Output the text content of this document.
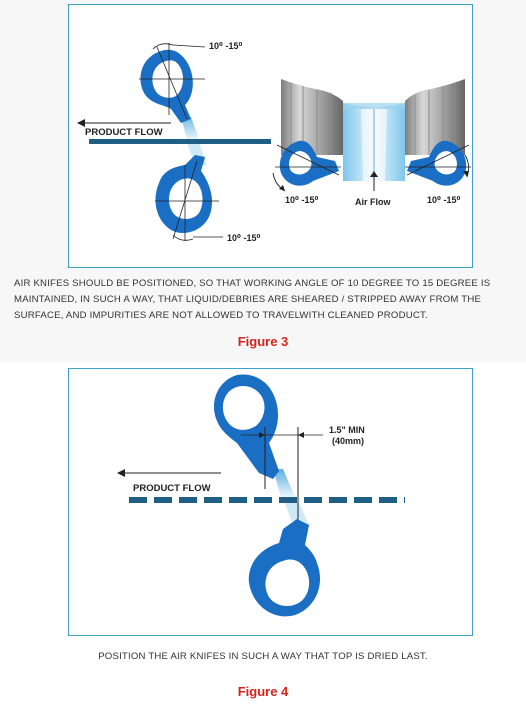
10⁰ -15⁰
PRODUCT FLOW
10⁰ -15⁰
Air Flow
10⁰ -15⁰	10⁰ -15⁰
AIR KNIFES SHOULD BE POSITIONED, SO THAT WORKING ANGLE OF 10 DEGREE TO 15 DEGREE IS MAINTAINED, IN SUCH A WAY, THAT LIQUID/DEBRIES ARE SHEARED / STRIPPED AWAY FROM THE SURFACE, AND IMPURITIES ARE NOT ALLOWED TO TRAVELWITH CLEANED PRODUCT.
Figure 3
1.5" MIN
(40mm)
PRODUCT FLOW
POSITION THE AIR KNIFES IN SUCH A WAY THAT TOP IS DRIED LAST.
Figure 4
